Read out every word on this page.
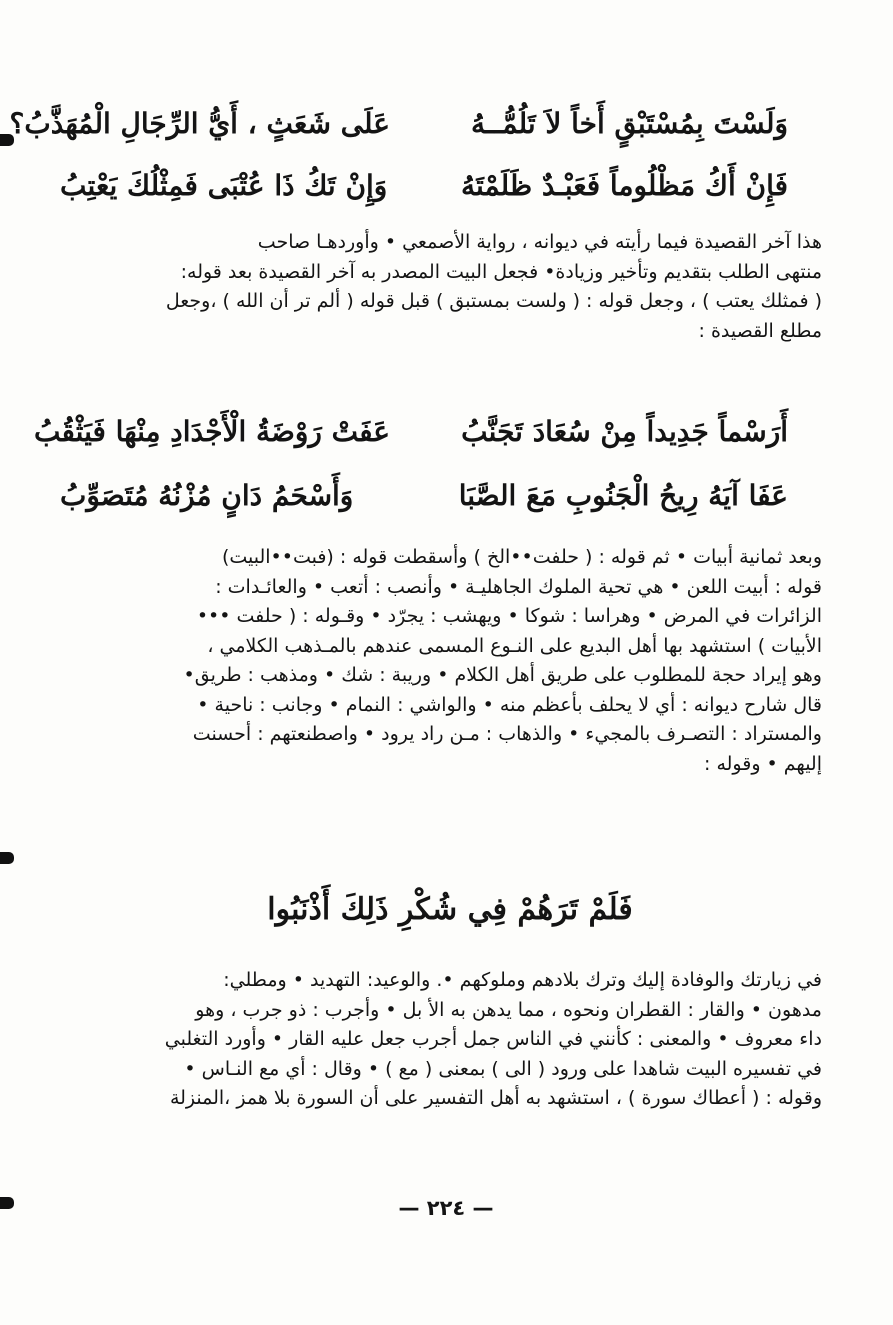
وَلَسْتَ بِمُسْتَبْقٍ أَخاً لاَ تَلُمُّــهُ
عَلَى شَعَثٍ ، أَيُّ الرِّجَالِ الْمُهَذَّبُ؟
فَإِنْ أَكُ مَظْلُوماً فَعَبْـدٌ ظَلَمْتَهُ
وَإِنْ تَكُ ذَا عُتْبَى فَمِثْلُكَ يَعْتِبُ

هذا آخر القصيدة فيما رأيته في ديوانه ، رواية الأصمعي • وأوردهـا صاحب

منتهى الطلب بتقديم وتأخير وزيادة• فجعل البيت المصدر به آخر القصيدة بعد قوله:

( فمثلك يعتب ) ، وجعل قوله : ( ولست بمستبق ) قبل قوله ( ألم تر أن الله ) ،وجعل

مطلع القصيدة :

أَرَسْماً جَدِيداً مِنْ سُعَادَ تَجَنَّبُ
عَفَتْ رَوْضَةُ الْأَجْدَادِ مِنْهَا فَيَثْقُبُ
عَفَا آيَهُ رِيحُ الْجَنُوبِ مَعَ الصَّبَا
وَأَسْحَمُ دَانٍ مُزْنُهُ مُتَصَوِّبُ

وبعد ثمانية أبيات • ثم قوله : ( حلفت••الخ ) وأسقطت قوله : (فبت••البيت)

قوله : أبيت اللعن • هي تحية الملوك الجاهليـة • وأنصب : أتعب • والعائـدات :

الزائرات في المرض • وهراسا : شوكا • ويهشب : يجرّد • وقـوله : ( حلفت •••

الأبيات ) استشهد بها أهل البديع على النـوع المسمى عندهم بالمـذهب الكلامي ،

وهو إيراد حجة للمطلوب على طريق أهل الكلام • وريبة : شك • ومذهب : طريق•

قال شارح ديوانه : أي لا يحلف بأعظم منه • والواشي : النمام • وجانب : ناحية •

والمستراد : التصـرف بالمجيء • والذهاب : مـن راد يرود • واصطنعتهم : أحسنت

إليهم • وقوله :

فَلَمْ تَرَهُمْ فِي شُكْرِ ذَلِكَ أَذْنَبُوا

في زيارتك والوفادة إليك وترك بلادهم وملوكهم •. والوعيد: التهديد • ومطلي:

مدهون • والقار : القطران ونحوه ، مما يدهن به الأ بل • وأجرب : ذو جرب ، وهو

داء معروف • والمعنى : كأنني في الناس جمل أجرب جعل عليه القار • وأورد التغلبي

في تفسيره البيت شاهدا على ورود ( الى ) بمعنى ( مع ) • وقال : أي مع النـاس •

وقوله : ( أعطاك سورة ) ، استشهد به أهل التفسير على أن السورة بلا همز ،المنزلة

— ٢٢٤ —
